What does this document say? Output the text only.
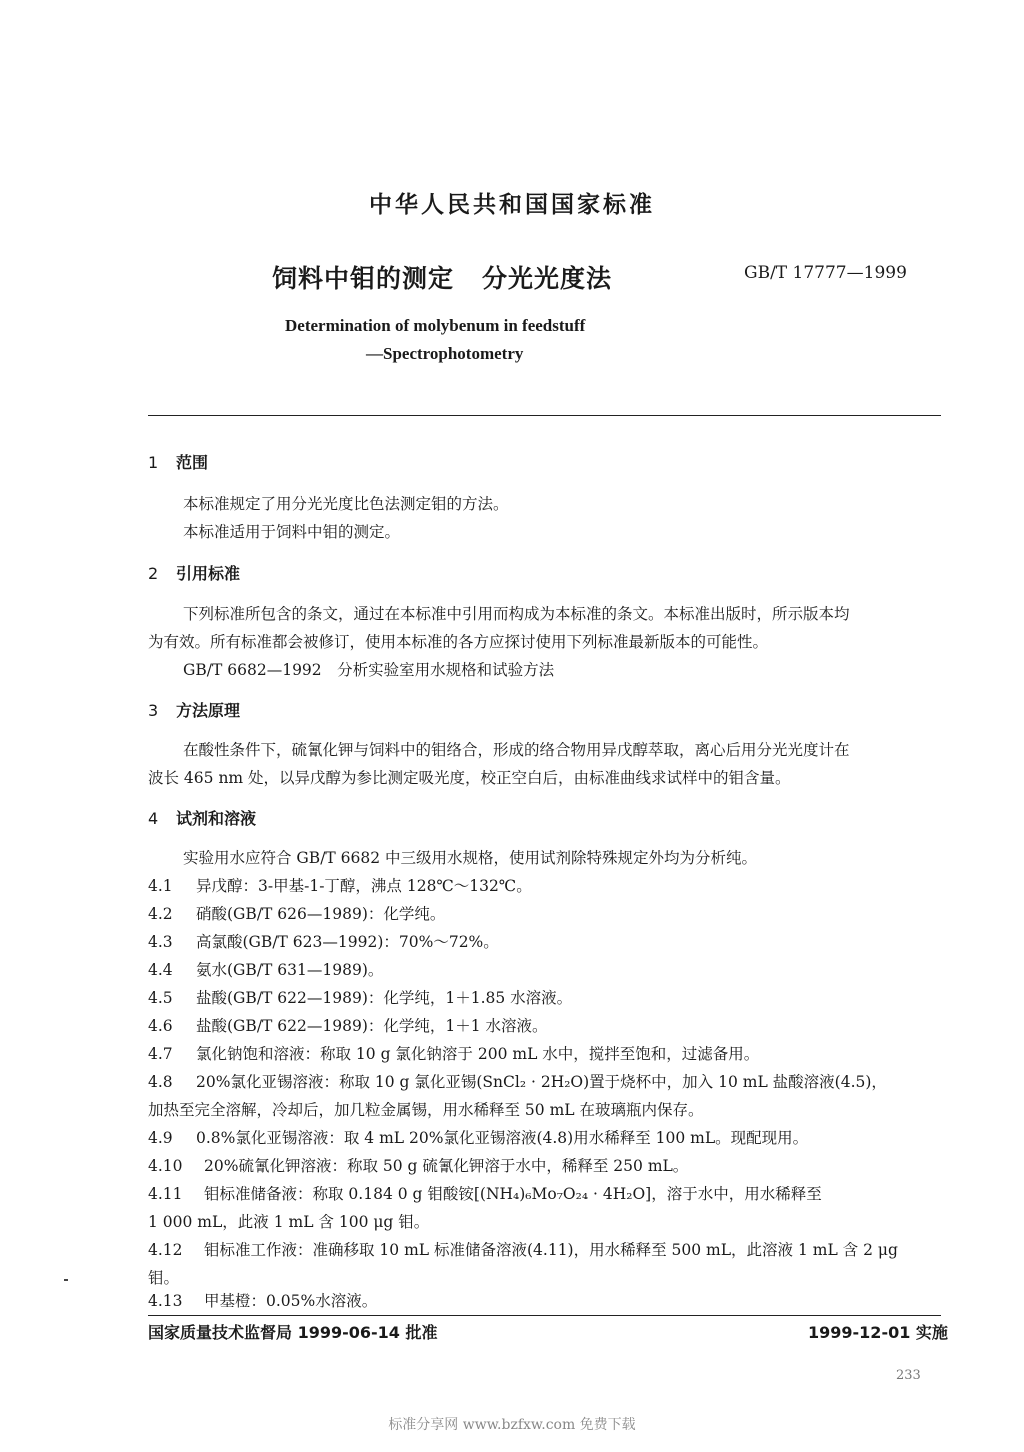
中华人民共和国国家标准
饲料中钼的测定 分光光度法	GB/T 17777—1999
Determination of molybenum in feedstuff
—Spectrophotometry
1 范围
本标准规定了用分光光度比色法测定钼的方法。
本标准适用于饲料中钼的测定。
2 引用标准
下列标准所包含的条文，通过在本标准中引用而构成为本标准的条文。本标准出版时，所示版本均
为有效。所有标准都会被修订，使用本标准的各方应探讨使用下列标准最新版本的可能性。
GB/T 6682—1992　分析实验室用水规格和试验方法
3 方法原理
在酸性条件下，硫氰化钾与饲料中的钼络合，形成的络合物用异戊醇萃取，离心后用分光光度计在
波长 465 nm 处，以异戊醇为参比测定吸光度，校正空白后，由标准曲线求试样中的钼含量。
4 试剂和溶液
实验用水应符合 GB/T 6682 中三级用水规格，使用试剂除特殊规定外均为分析纯。
4.1 异戊醇：3-甲基-1-丁醇，沸点 128℃～132℃。
4.2 硝酸(GB/T 626—1989)：化学纯。
4.3 高氯酸(GB/T 623—1992)：70%～72%。
4.4 氨水(GB/T 631—1989)。
4.5 盐酸(GB/T 622—1989)：化学纯，1＋1.85 水溶液。
4.6 盐酸(GB/T 622—1989)：化学纯，1＋1 水溶液。
4.7 氯化钠饱和溶液：称取 10 g 氯化钠溶于 200 mL 水中，搅拌至饱和，过滤备用。
4.8 20%氯化亚锡溶液：称取 10 g 氯化亚锡(SnCl₂ · 2H₂O)置于烧杯中，加入 10 mL 盐酸溶液(4.5)，
加热至完全溶解，冷却后，加几粒金属锡，用水稀释至 50 mL 在玻璃瓶内保存。
4.9 0.8%氯化亚锡溶液：取 4 mL 20%氯化亚锡溶液(4.8)用水稀释至 100 mL。现配现用。
4.10 20%硫氰化钾溶液：称取 50 g 硫氰化钾溶于水中，稀释至 250 mL。
4.11 钼标准储备液：称取 0.184 0 g 钼酸铵[(NH₄)₆Mo₇O₂₄ · 4H₂O]，溶于水中，用水稀释至
1 000 mL，此液 1 mL 含 100 μg 钼。
4.12 钼标准工作液：准确移取 10 mL 标准储备溶液(4.11)，用水稀释至 500 mL，此溶液 1 mL 含 2 μg
钼。
4.13 甲基橙：0.05%水溶液。
国家质量技术监督局 1999-06-14 批准	1999-12-01 实施
233
标准分享网 www.bzfxw.com 免费下载
